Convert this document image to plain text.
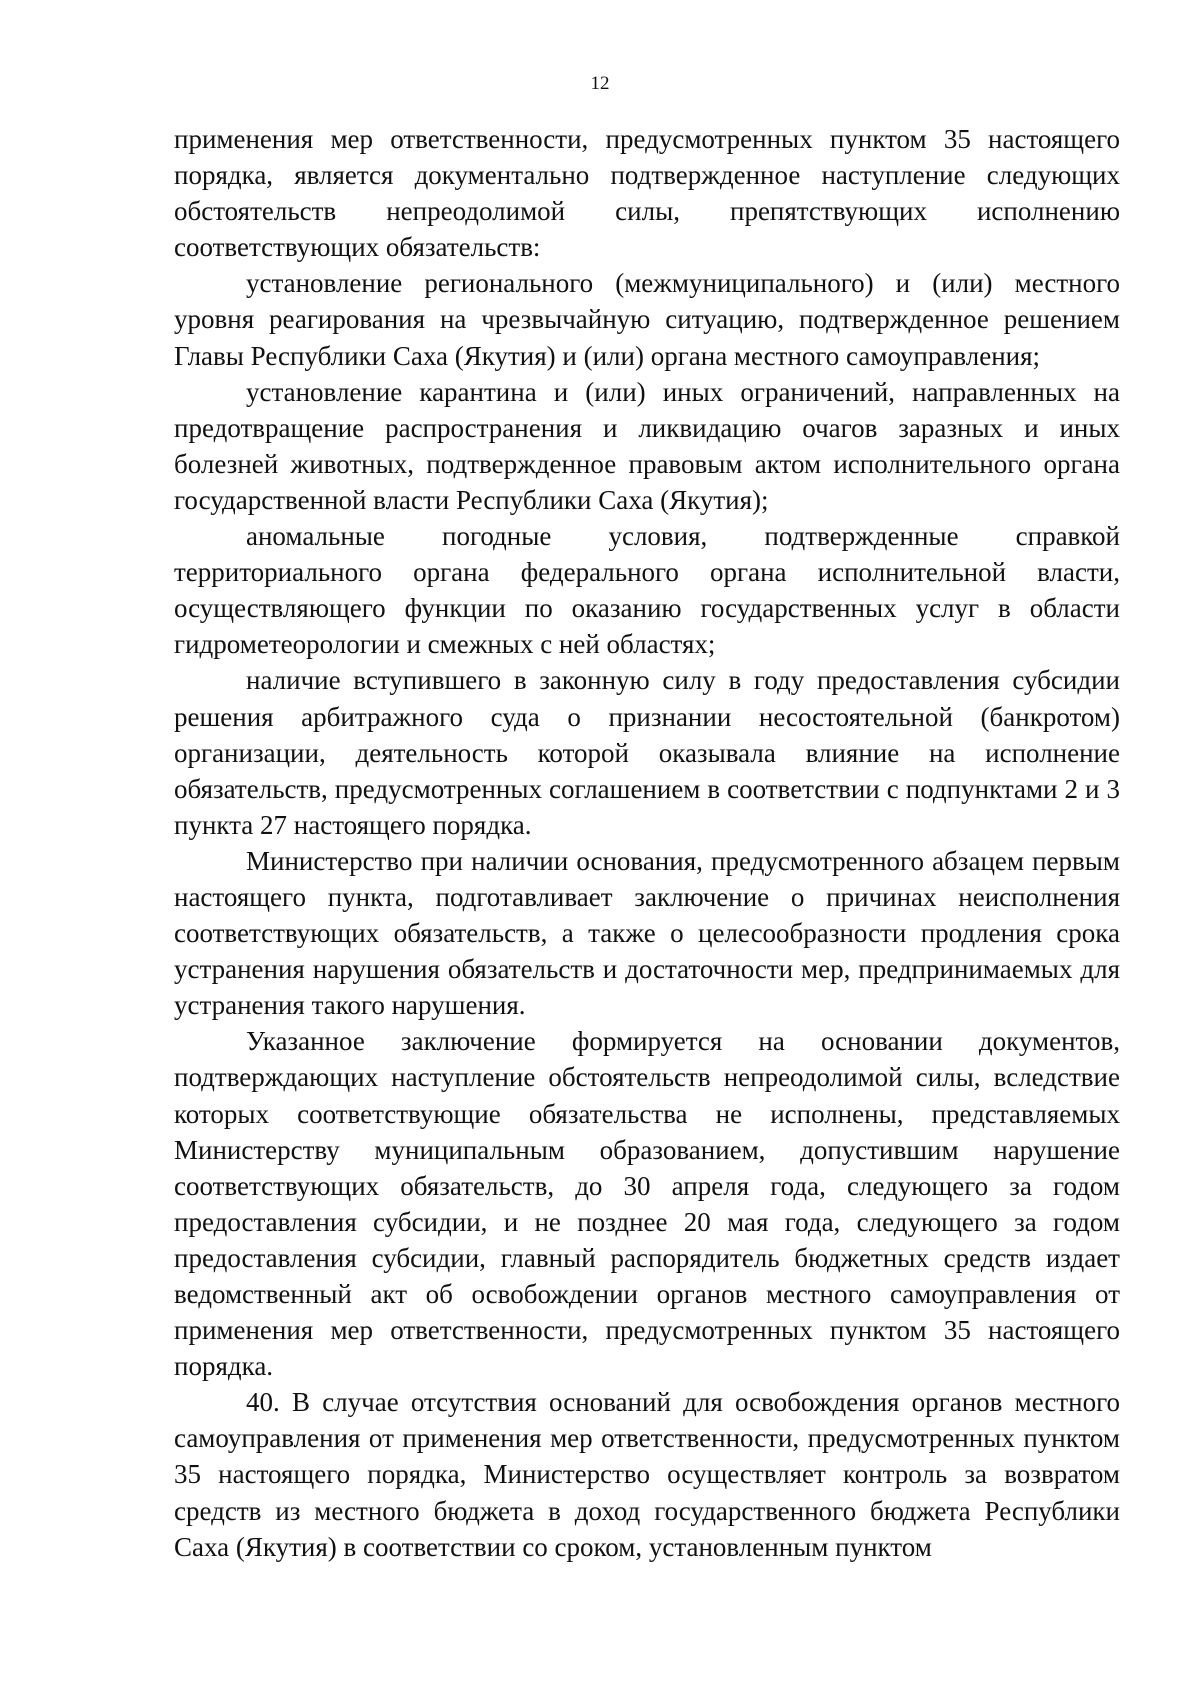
12

применения мер ответственности, предусмотренных пунктом 35 настоящего порядка, является документально подтвержденное наступление следующих обстоятельств непреодолимой силы, препятствующих исполнению соответствующих обязательств:

установление регионального (межмуниципального) и (или) местного уровня реагирования на чрезвычайную ситуацию, подтвержденное решением Главы Республики Саха (Якутия) и (или) органа местного самоуправления;

установление карантина и (или) иных ограничений, направленных на предотвращение распространения и ликвидацию очагов заразных и иных болезней животных, подтвержденное правовым актом исполнительного органа государственной власти Республики Саха (Якутия);

аномальные погодные условия, подтвержденные справкой территориального органа федерального органа исполнительной власти, осуществляющего функции по оказанию государственных услуг в области гидрометеорологии и смежных с ней областях;

наличие вступившего в законную силу в году предоставления субсидии решения арбитражного суда о признании несостоятельной (банкротом) организации, деятельность которой оказывала влияние на исполнение обязательств, предусмотренных соглашением в соответствии с подпунктами 2 и 3 пункта 27 настоящего порядка.

Министерство при наличии основания, предусмотренного абзацем первым настоящего пункта, подготавливает заключение о причинах неисполнения соответствующих обязательств, а также о целесообразности продления срока устранения нарушения обязательств и достаточности мер, предпринимаемых для устранения такого нарушения.

Указанное заключение формируется на основании документов, подтверждающих наступление обстоятельств непреодолимой силы, вследствие которых соответствующие обязательства не исполнены, представляемых Министерству муниципальным образованием, допустившим нарушение соответствующих обязательств, до 30 апреля года, следующего за годом предоставления субсидии, и не позднее 20 мая года, следующего за годом предоставления субсидии, главный распорядитель бюджетных средств издает ведомственный акт об освобождении органов местного самоуправления от применения мер ответственности, предусмотренных пунктом 35 настоящего порядка.

40. В случае отсутствия оснований для освобождения органов местного самоуправления от применения мер ответственности, предусмотренных пунктом 35 настоящего порядка, Министерство осуществляет контроль за возвратом средств из местного бюджета в доход государственного бюджета Республики Саха (Якутия) в соответствии со сроком, установленным пунктом
